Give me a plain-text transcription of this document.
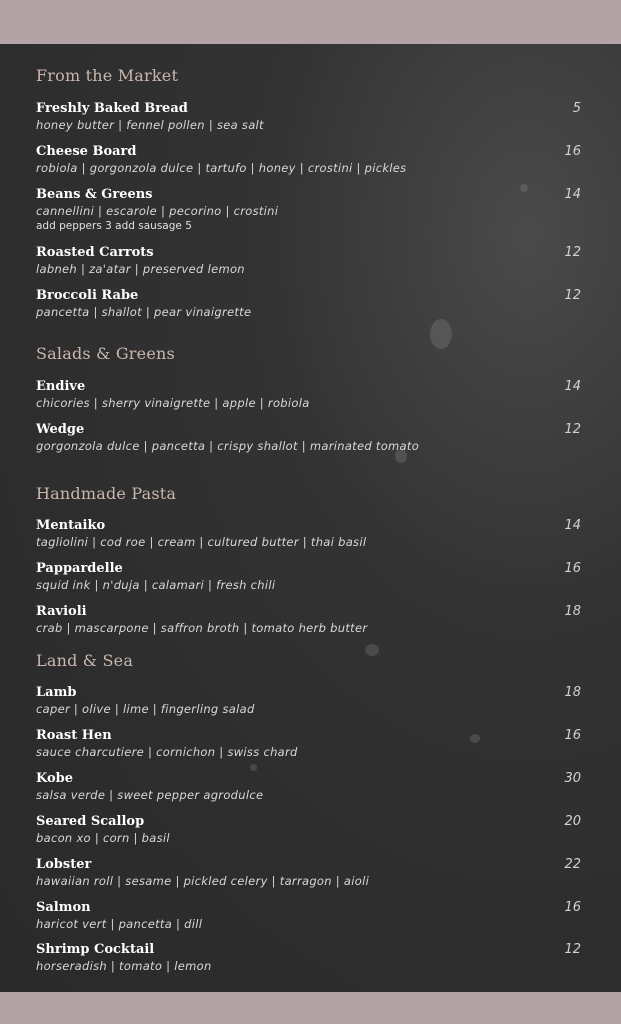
From the Market
Freshly Baked Bread
honey butter | fennel pollen | sea salt
5
Cheese Board
robiola | gorgonzola dulce | tartufo | honey | crostini | pickles
16
Beans & Greens
cannellini | escarole | pecorino | crostini
add peppers 3 add sausage 5
14
Roasted Carrots
labneh | za'atar | preserved lemon
12
Broccoli Rabe
pancetta | shallot | pear vinaigrette
12
Salads & Greens
Endive
chicories | sherry vinaigrette | apple | robiola
14
Wedge
gorgonzola dulce | pancetta | crispy shallot | marinated tomato
12
Handmade Pasta
Mentaiko
tagliolini | cod roe | cream | cultured butter | thai basil
14
Pappardelle
squid ink | n'duja | calamari | fresh chili
16
Ravioli
crab | mascarpone | saffron broth | tomato herb butter
18
Land & Sea
Lamb
caper | olive | lime | fingerling salad
18
Roast Hen
sauce charcutiere | cornichon | swiss chard
16
Kobe
salsa verde | sweet pepper agrodulce
30
Seared Scallop
bacon xo | corn | basil
20
Lobster
hawaiian roll | sesame | pickled celery | tarragon | aioli
22
Salmon
haricot vert | pancetta | dill
16
Shrimp Cocktail
horseradish | tomato | lemon
12
